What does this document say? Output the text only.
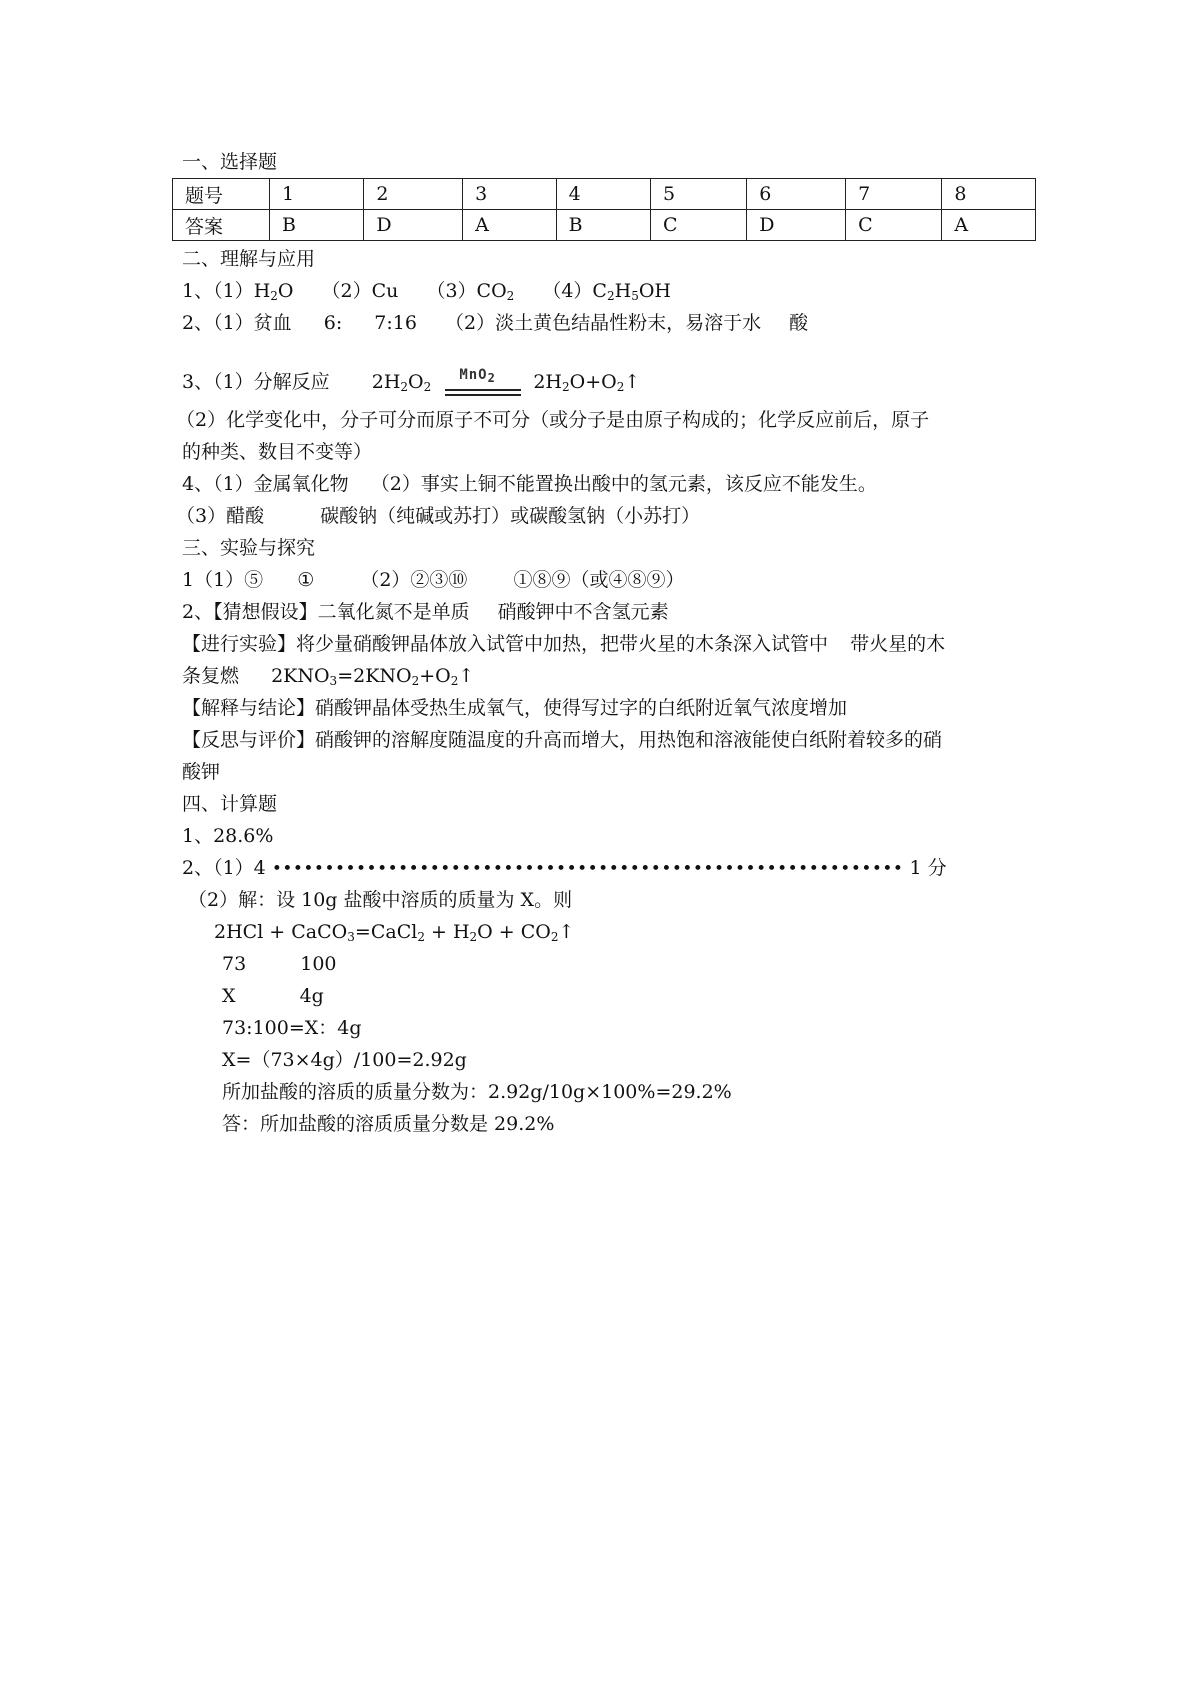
一、选择题
题号	1	2	3	4	5	6	7	8
答案	B	D	A	B	C	D	C	A
二、理解与应用
1、$(1)H_2O$ （2）Cu $(3)CO_2$ $(4)C_2H_5OH$
2、（1）贫血 6: 7:16 （2）淡土黄色结晶性粉末，易溶于水 酸
3、（1）分解反应 $2H_2O_2$
MnO$_2$ $2H_2O+O_2↑$
（2）化学变化中，分子可分而原子不可分（或分子是由原子构成的；化学反应前后，原子
的种类、数目不变等）
4、（1）金属氧化物 （2）事实上铜不能置换出酸中的氢元素，该反应不能发生。
（3）醋酸	碳酸钠（纯碱或苏打）或碳酸氢钠（小苏打）
三、实验与探究
1（1）⑤ ① （2）②③⑩ ①⑧⑨（或④⑧⑨）
2、【猜想假设】二氧化氮不是单质 硝酸钾中不含氢元素
【进行实验】将少量硝酸钾晶体放入试管中加热，把带火星的木条深入试管中 带火星的木
条复燃 $2KNO_3=2KNO_2+O_2↑$
【解释与结论】硝酸钾晶体受热生成氧气，使得写过字的白纸附近氧气浓度增加
【反思与评价】硝酸钾的溶解度随温度的升高而增大，用热饱和溶液能使白纸附着较多的硝
酸钾
四、计算题
1、28.6%
2、（1）4 •••••••••••••••••••••••••••••••••••••••••••••••••••••••••••• 1 分
（2）解：设 10g 盐酸中溶质的质量为 X。则
2HCl + CaCO$_3$=CaCl$_2$ + $H_2O$ + $CO_2↑$
73	100
X	4g
73:100=X：4g
X=（73×4g）/100=2.92g
所加盐酸的溶质的质量分数为：2.92g/10g×100%=29.2%
答：所加盐酸的溶质质量分数是 29.2%
